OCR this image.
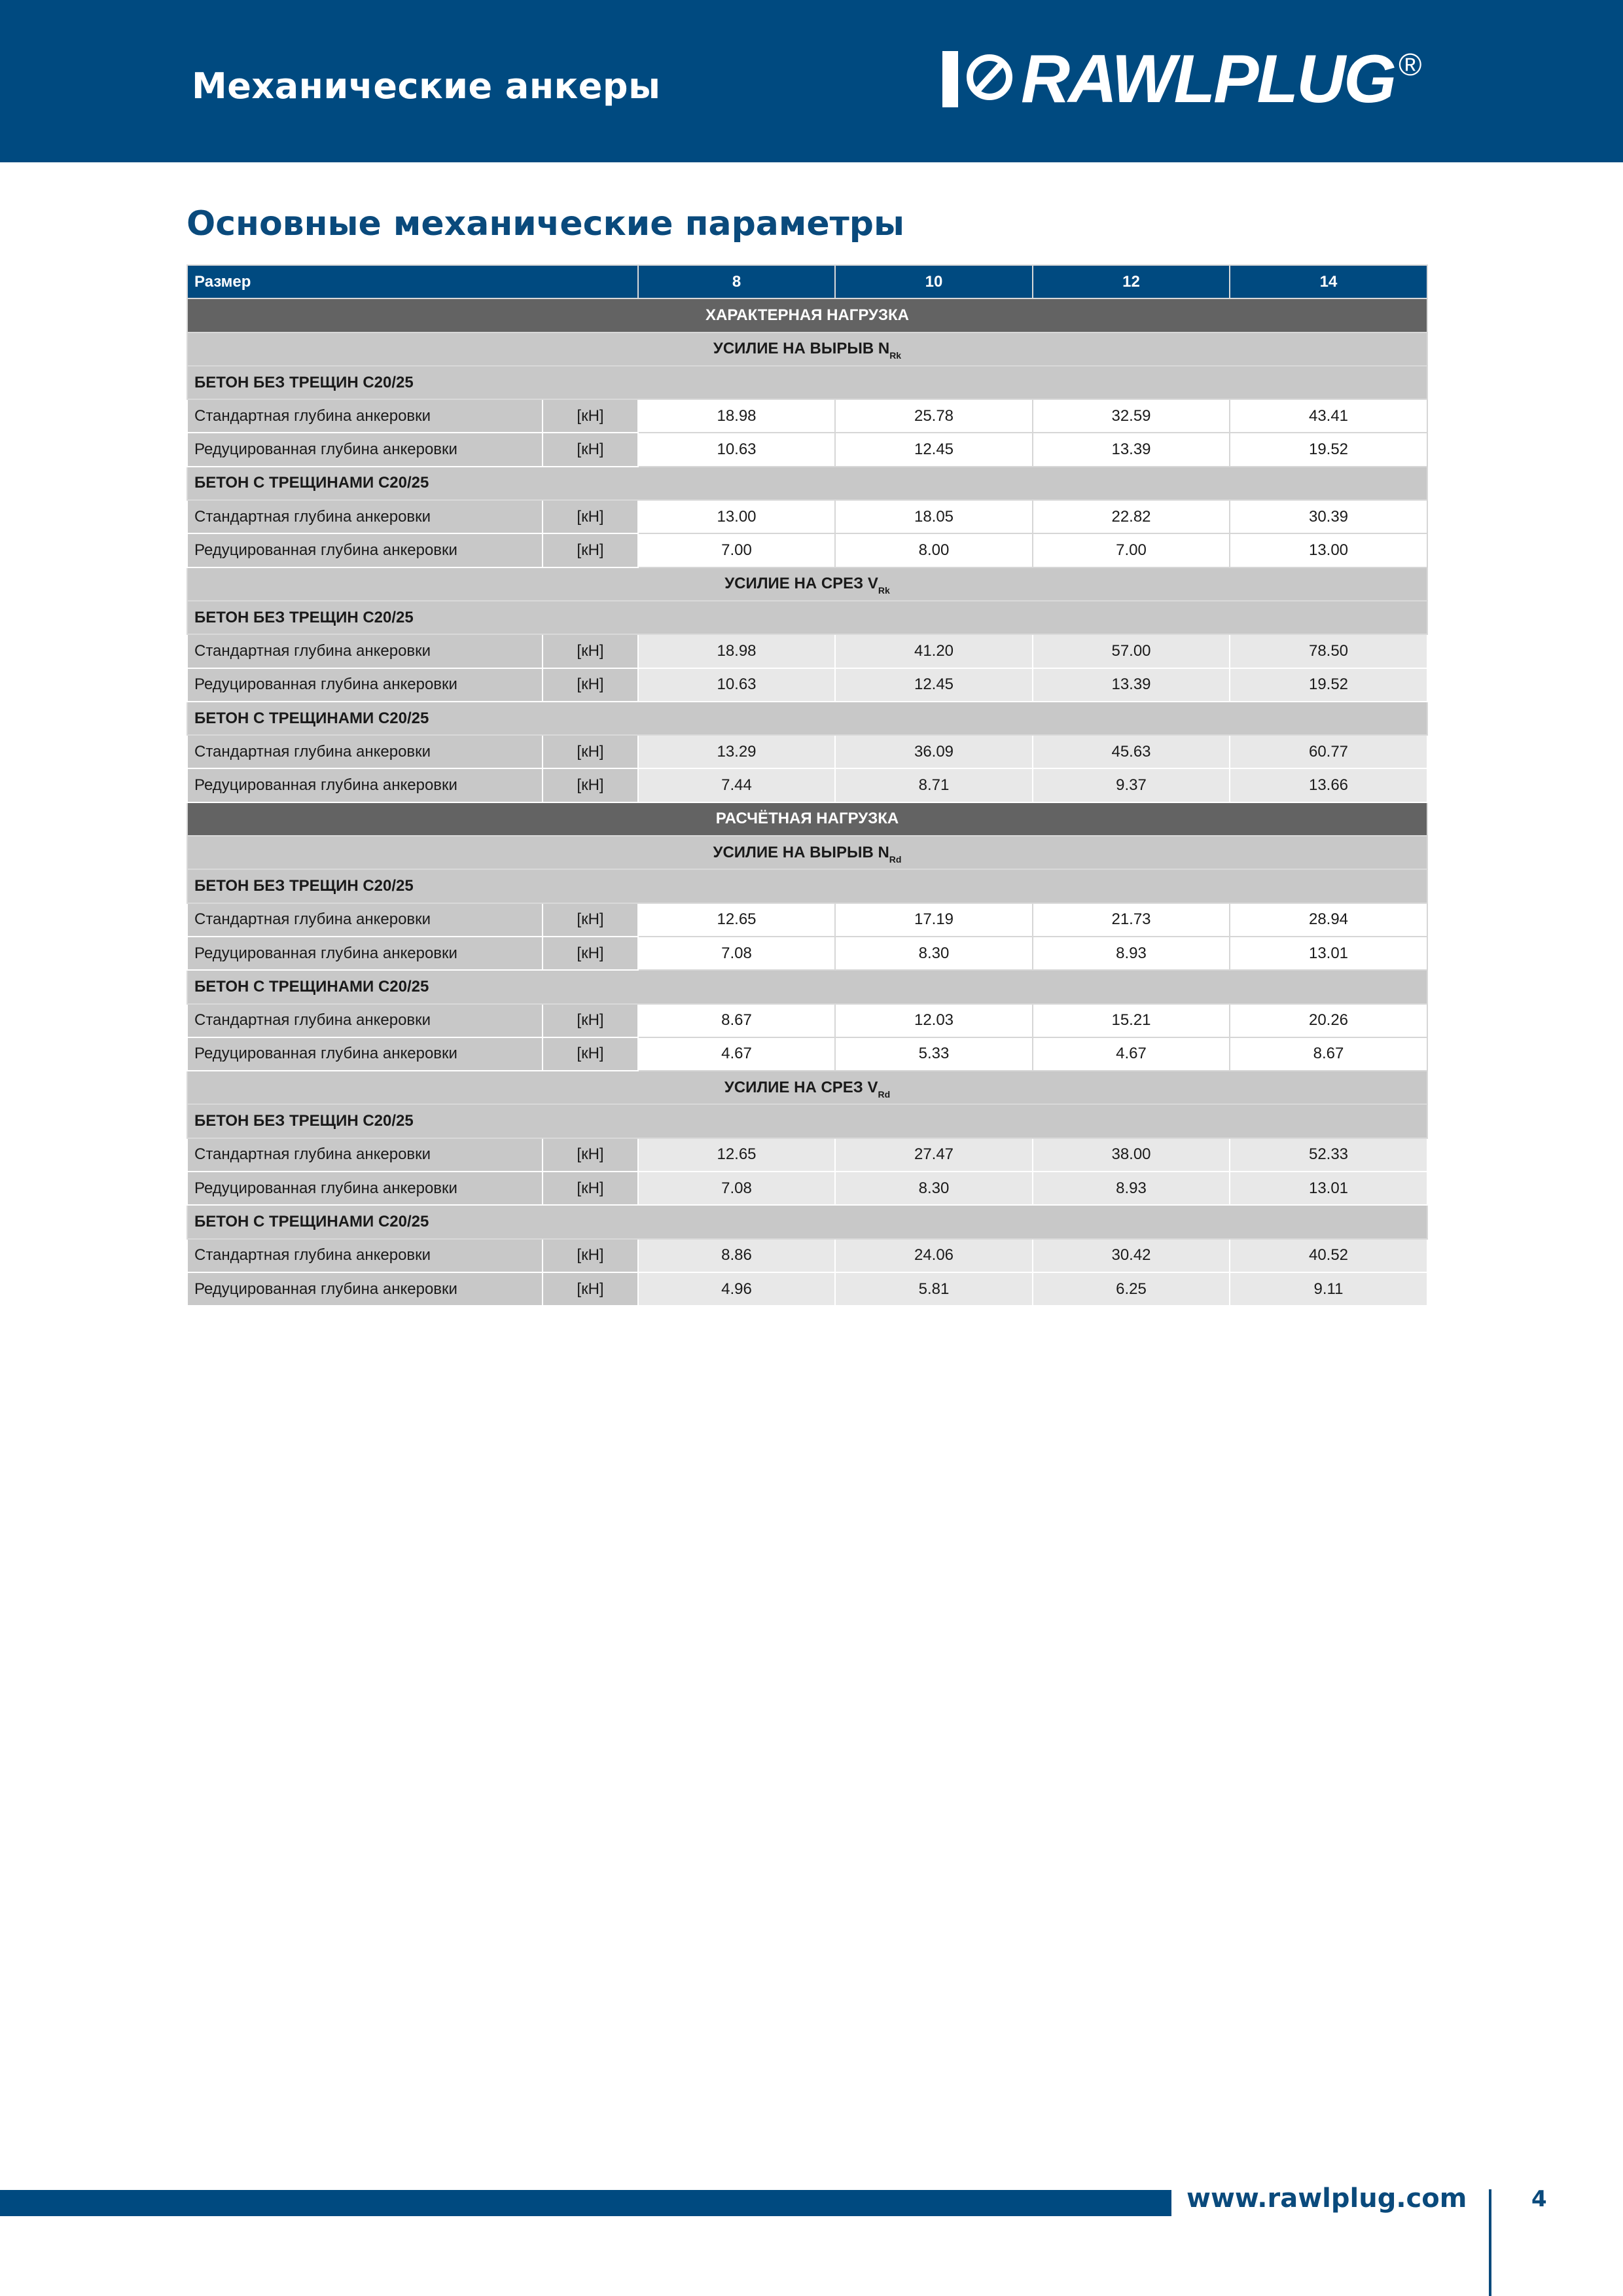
Механические анкеры	RAWLPLUG ®
Основные механические параметры
Размер		8	10	12	14
ХАРАКТЕРНАЯ НАГРУЗКА					
УСИЛИЕ НА ВЫРЫВ $N_{Rk}$
БЕТОН БЕЗ ТРЕЩИН C20/25					
Стандартная глубина анкеровки	[кН]	18.98	25.78	32.59	43.41
Редуцированная глубина анкеровки	[кН]	10.63	12.45	13.39	19.52
БЕТОН С ТРЕЩИНАМИ C20/25					
Стандартная глубина анкеровки	[кН]	13.00	18.05	22.82	30.39
Редуцированная глубина анкеровки	[кН]	7.00	8.00	7.00	13.00
УСИЛИЕ НА СРЕЗ $V_{Rk}$
БЕТОН БЕЗ ТРЕЩИН C20/25					
Стандартная глубина анкеровки	[кН]	18.98	41.20	57.00	78.50
Редуцированная глубина анкеровки	[кН]	10.63	12.45	13.39	19.52
БЕТОН С ТРЕЩИНАМИ C20/25					
Стандартная глубина анкеровки	[кН]	13.29	36.09	45.63	60.77
Редуцированная глубина анкеровки	[кН]	7.44	8.71	9.37	13.66
РАСЧЁТНАЯ НАГРУЗКА					
УСИЛИЕ НА ВЫРЫВ $N_{Rd}$
БЕТОН БЕЗ ТРЕЩИН C20/25					
Стандартная глубина анкеровки	[кН]	12.65	17.19	21.73	28.94
Редуцированная глубина анкеровки	[кН]	7.08	8.30	8.93	13.01
БЕТОН С ТРЕЩИНАМИ C20/25					
Стандартная глубина анкеровки	[кН]	8.67	12.03	15.21	20.26
Редуцированная глубина анкеровки	[кН]	4.67	5.33	4.67	8.67
УСИЛИЕ НА СРЕЗ $V_{Rd}$
БЕТОН БЕЗ ТРЕЩИН C20/25					
Стандартная глубина анкеровки	[кН]	12.65	27.47	38.00	52.33
Редуцированная глубина анкеровки	[кН]	7.08	8.30	8.93	13.01
БЕТОН С ТРЕЩИНАМИ C20/25					
Стандартная глубина анкеровки	[кН]	8.86	24.06	30.42	40.52
Редуцированная глубина анкеровки	[кН]	4.96	5.81	6.25	9.11
www.rawlplug.com	4
